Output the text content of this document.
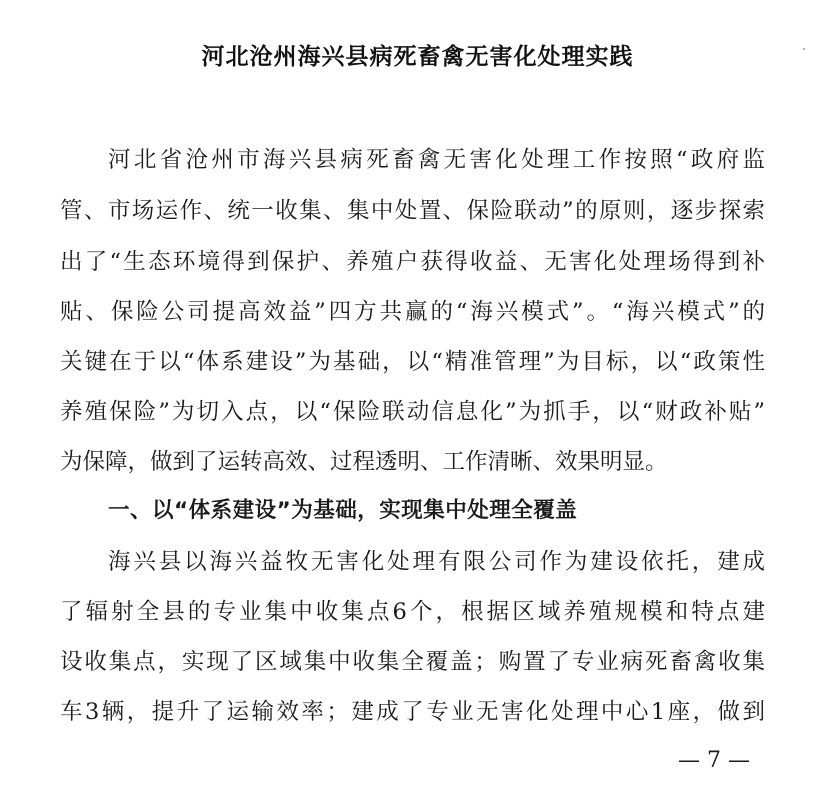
河北沧州海兴县病死畜禽无害化处理实践
河北省沧州市海兴县病死畜禽无害化处理工作按照“政府监
管、市场运作、统一收集、集中处置、保险联动”的原则，逐步探索
出了“生态环境得到保护、养殖户获得收益、无害化处理场得到补
贴、保险公司提高效益”四方共赢的“海兴模式”。“海兴模式”的
关键在于以“体系建设”为基础，以“精准管理”为目标，以“政策性
养殖保险”为切入点，以“保险联动信息化”为抓手，以“财政补贴”
为保障，做到了运转高效、过程透明、工作清晰、效果明显。
一、以“体系建设”为基础，实现集中处理全覆盖
海兴县以海兴益牧无害化处理有限公司作为建设依托，建成
了辐射全县的专业集中收集点6个，根据区域养殖规模和特点建
设收集点，实现了区域集中收集全覆盖；购置了专业病死畜禽收集
车3辆，提升了运输效率；建成了专业无害化处理中心1座，做到
— 7 —
